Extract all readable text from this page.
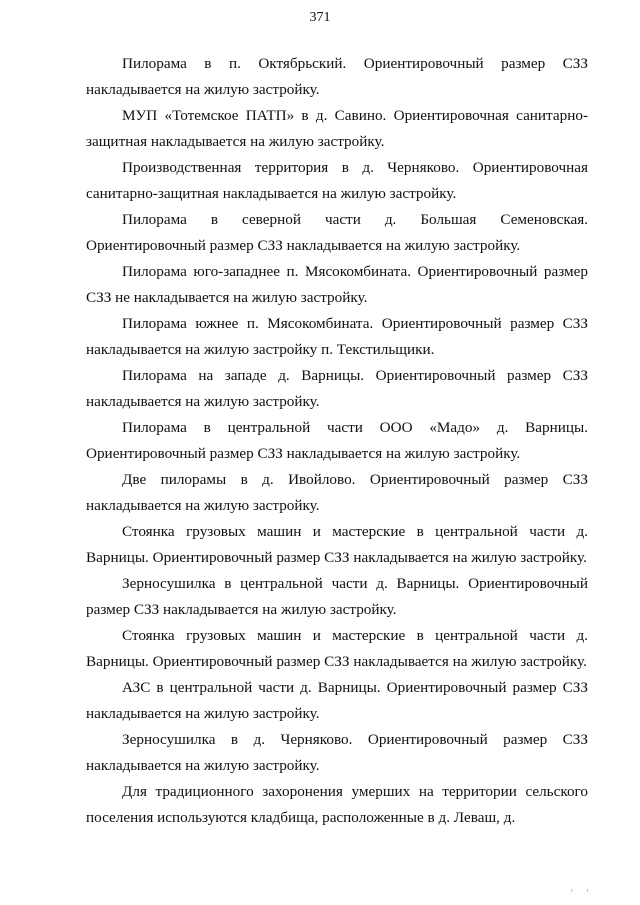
371

Пилорама в п. Октябрьский. Ориентировочный размер СЗЗ накладывается на жилую застройку.

МУП «Тотемское ПАТП» в д. Савино. Ориентировочная санитарно-защитная накладывается на жилую застройку.

Производственная территория в д. Черняково. Ориентировочная санитарно-защитная накладывается на жилую застройку.

Пилорама в северной части д. Большая Семеновская. Ориентировочный размер СЗЗ накладывается на жилую застройку.

Пилорама юго-западнее п. Мясокомбината. Ориентировочный размер СЗЗ не накладывается на жилую застройку.

Пилорама южнее п. Мясокомбината. Ориентировочный размер СЗЗ накладывается на жилую застройку п. Текстильщики.

Пилорама на западе д. Варницы. Ориентировочный размер СЗЗ накладывается на жилую застройку.

Пилорама в центральной части ООО «Мадо» д. Варницы. Ориентировочный размер СЗЗ накладывается на жилую застройку.

Две пилорамы в д. Ивойлово. Ориентировочный размер СЗЗ накладывается на жилую застройку.

Стоянка грузовых машин и мастерские в центральной части д. Варницы. Ориентировочный размер СЗЗ накладывается на жилую застройку.

Зерносушилка в центральной части д. Варницы. Ориентировочный размер СЗЗ накладывается на жилую застройку.

Стоянка грузовых машин и мастерские в центральной части д. Варницы. Ориентировочный размер СЗЗ накладывается на жилую застройку.

АЗС в центральной части д. Варницы. Ориентировочный размер СЗЗ накладывается на жилую застройку.

Зерносушилка в д. Черняково. Ориентировочный размер СЗЗ накладывается на жилую застройку.

Для традиционного захоронения умерших на территории сельского поселения используются кладбища, расположенные в д. Леваш, д.

' '
